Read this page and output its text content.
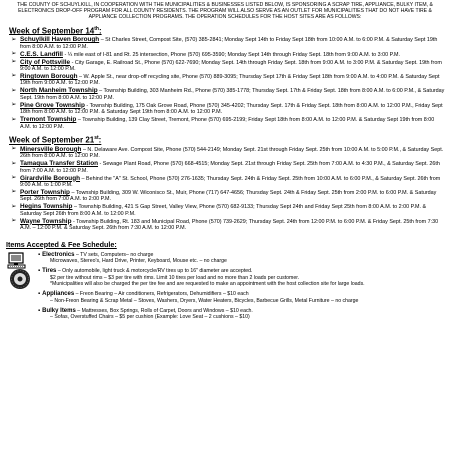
THE COUNTY OF SCHUYLKILL, IN COOPERATION WITH THE MUNICIPALITIES & BUSINESSES LISTED BELOW, IS SPONSORING A SCRAP TIRE, APPLIANCE, BULKY ITEM, & ELECTRONICS DROP-OFF PROGRAM FOR ALL COUNTY RESIDENTS. THE PROGRAM WILL ALSO SERVE AS AN OUTLET FOR MUNICIPALITIES THAT DO NOT HAVE TIRE & APPLIANCE COLLECTION PROGRAMS. THE OPERATION SCHEDULES FOR THE HOST SITES ARE AS FOLLOWS:
Week of September 14th:
➢ Schuylkill Haven Borough – St Charles Street, Compost Site, (570) 385-2841; Monday Sept 14th to Friday Sept 18th from 10:00 A.M. to 6:00 P.M. & Saturday Sept 19th from 8:00 A.M. to 12:00 P.M.
➢ C.E.S. Landfill - ¼ mile east of I-81 and Rt. 25 intersection, Phone (570) 695-3590; Monday Sept 14th through Friday Sept. 18th from 9:00 A.M. to 3:00 P.M.
➢ City of Pottsville - City Garage, E. Railroad St., Phone (570) 622-7690; Monday Sept. 14th through Friday Sept. 18th from 9:00 A.M. to 3:00 P.M. & Saturday Sept. 19th from 9:00 A.M. to 12:00 P.M.
➢ Ringtown Borough – W. Apple St., near drop-off recycling site, Phone (570) 889-3095; Thursday Sept 17th & Friday Sept 18th from 9:00 A.M. to 4:00 P.M. & Saturday Sept 19th from 9:00 A.M. to 12:00 P.M.
➢ North Manheim Township – Township Building, 303 Manheim Rd., Phone (570) 385-1778; Thursday Sept. 17th & Friday Sept. 18th from 8:00 A.M. to 6:00 P.M., & Saturday Sept. 19th from 8:00 A.M. to 12:00 P.M.
➢ Pine Grove Township - Township Building, 175 Oak Grove Road, Phone (570) 345-4202; Thursday Sept. 17th & Friday Sept. 18th from 8:00 A.M. to 12:00 P.M., Friday Sept 18th from 8:00 A.M. to 12:00 P.M. & Saturday Sept 19th from 8:00 A.M. to 12:00 P.M.
➢ Tremont Township – Township Building, 139 Clay Street, Tremont, Phone (570) 695-2199; Friday Sept 18th from 8:00 A.M. to 12:00 P.M. & Saturday Sept 19th from 8:00 A.M. to 12:00 P.M.
Week of September 21st:
➢ Minersville Borough – N. Delaware Ave. Compost Site, Phone (570) 544-2149; Monday Sept. 21st through Friday Sept. 25th from 10:00 A.M. to 5:00 P.M., & Saturday Sept. 26th from 8:00 A.M. to 12:00 P.M.
➢ Tamaqua Transfer Station - Sewage Plant Road, Phone (570) 668-4515; Monday Sept. 21st through Friday Sept. 25th from 7:00 A.M. to 4:30 P.M., & Saturday Sept. 26th from 7:00 A.M. to 12:00 P.M.
➢ Girardville Borough – Behind the "A" St. School, Phone (570) 276-1635; Thursday Sept. 24th & Friday Sept. 25th from 10:00 A.M. to 6:00 P.M., & Saturday Sept. 26th from 9:00 A.M. to 1:00 P.M.
➢ Porter Township – Township Building, 309 W. Wiconisco St., Muir, Phone (717) 647-4656; Thursday Sept. 24th & Friday Sept. 25th from 2:00 P.M. to 6:00 P.M. & Saturday Sept. 26th from 7:00 A.M. to 2:00 P.M.
➢ Hegins Township – Township Building, 421 S Gap Street, Valley View, Phone (570) 682-9133; Thursday Sept 24th and Friday Sept 25th from 8:00 A.M. to 2:00 P.M. & Saturday Sept 26th from 8:00 A.M. to 12:00 P.M.
➢ Wayne Township - Township Building, Rt. 183 and Municipal Road, Phone (570) 739-2629; Thursday Sept. 24th from 12:00 P.M. to 6:00 P.M. & Friday Sept. 25th from 7:30 A.M. – 12:00 P.M. & Saturday Sept. 26th from 7:30 A.M. to 12:00 P.M.
Items Accepted & Fee Schedule:
▪ Electronics – TV sets, Computers– no charge
Microwaves, Stereo's, Hard Drive, Printer, Keyboard, Mouse etc. – no charge
▪ Tires – Only automobile, light truck & motorcycle/RV tires up to 16" diameter are accepted.
$2 per tire without rims – $3 per tire with rims. Limit 10 tires per load and no more than 2 loads per customer.
*Municipalities will also be charged the per tire fee and are requested to make an appointment with the host collection site for large loads.
▪ Appliances – Freon Bearing – Air conditioners, Refrigerators, Dehumidifiers – $10 each
– Non-Freon Bearing & Scrap Metal – Stoves, Washers, Dryers, Water Heaters, Bicycles, Barbecue Grills, Metal Furniture – no charge
▪ Bulky Items – Mattresses, Box Springs, Rolls of Carpet, Doors and Windows – $10 each.
– Sofas, Overstuffed Chairs – $5 per cushion (Example: Love Seat – 2 cushions – $10)
